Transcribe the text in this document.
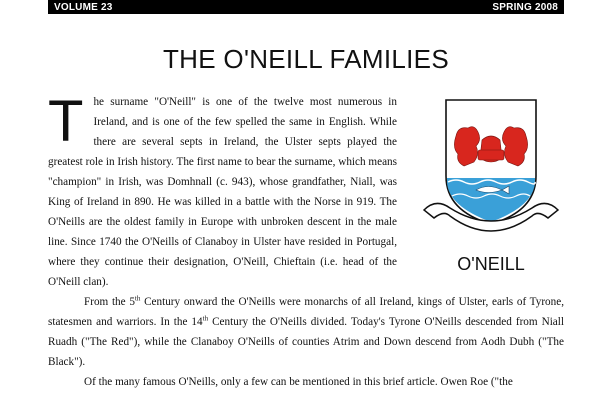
VOLUME 23	SPRING 2008
THE O'NEILL FAMILIES

The surname "O'Neill" is one of the twelve most numerous in Ireland, and is one of the few spelled the same in English. While there are several septs in Ireland, the Ulster septs played the greatest role in Irish history. The first name to bear the surname, which means "champion" in Irish, was Domhnall (c. 943), whose grandfather, Niall, was King of Ireland in 890. He was killed in a battle with the Norse in 919. The O'Neills are the oldest family in Europe with unbroken descent in the male line. Since 1740 the O'Neills of Clanaboy in Ulster have resided in Portugal, where they continue their designation, O'Neill, Chieftain (i.e. head of the O'Neill clan).

O'NEILL

From the 5th Century onward the O'Neills were monarchs of all Ireland, kings of Ulster, earls of Tyrone, statesmen and warriors. In the 14th Century the O'Neills divided. Today's Tyrone O'Neills descended from Niall Ruadh ("The Red"), while the Clanaboy O'Neills of counties Atrim and Down descend from Aodh Dubh ("The Black").

Of the many famous O'Neills, only a few can be mentioned in this brief article. Owen Roe ("the
